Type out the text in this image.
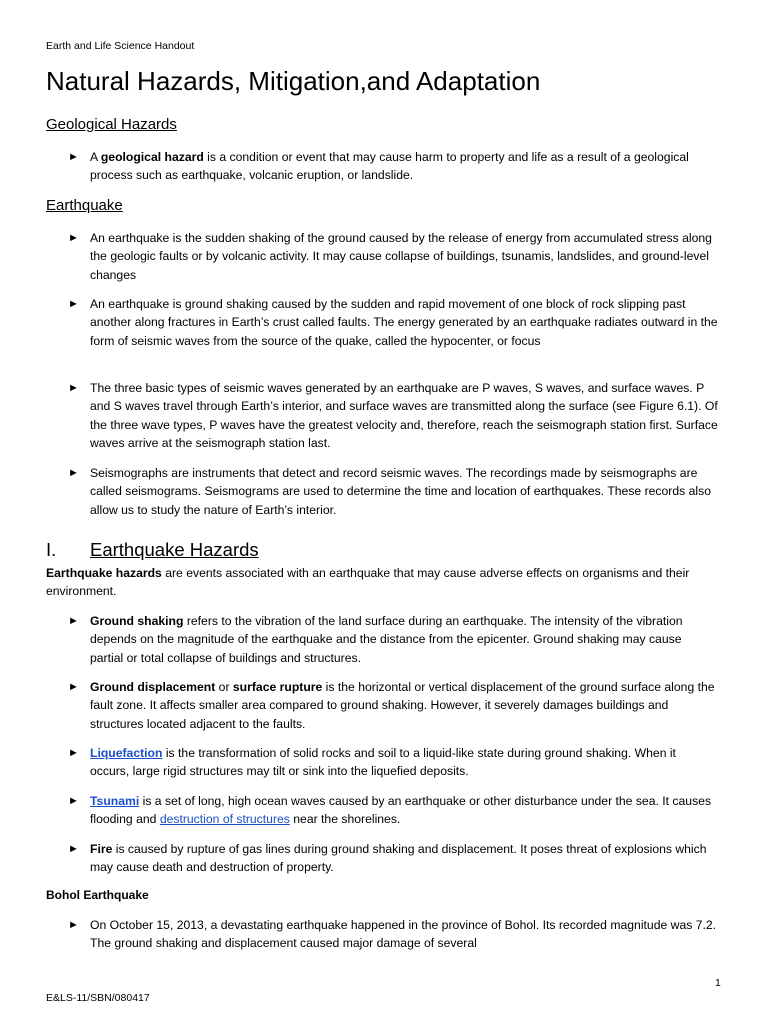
Earth and Life Science Handout
Natural Hazards, Mitigation,and Adaptation
Geological Hazards
► A geological hazard is a condition or event that may cause harm to property and life as a result of a geological process such as earthquake, volcanic eruption, or landslide.
Earthquake
► An earthquake is the sudden shaking of the ground caused by the release of energy from accumulated stress along the geologic faults or by volcanic activity. It may cause collapse of buildings, tsunamis, landslides, and ground-level changes
► An earthquake is ground shaking caused by the sudden and rapid movement of one block of rock slipping past another along fractures in Earth’s crust called faults. The energy generated by an earthquake radiates outward in the form of seismic waves from the source of the quake, called the hypocenter, or focus
► The three basic types of seismic waves generated by an earthquake are P waves, S waves, and surface waves. P and S waves travel through Earth’s interior, and surface waves are transmitted along the surface (see Figure 6.1). Of the three wave types, P waves have the greatest velocity and, therefore, reach the seismograph station first. Surface waves arrive at the seismograph station last.
► Seismographs are instruments that detect and record seismic waves. The recordings made by seismographs are called seismograms. Seismograms are used to determine the time and location of earthquakes. These records also allow us to study the nature of Earth’s interior.
I. Earthquake Hazards
Earthquake hazards are events associated with an earthquake that may cause adverse effects on organisms and their environment.
► Ground shaking refers to the vibration of the land surface during an earthquake. The intensity of the vibration depends on the magnitude of the earthquake and the distance from the epicenter. Ground shaking may cause partial or total collapse of buildings and structures.
► Ground displacement or surface rupture is the horizontal or vertical displacement of the ground surface along the fault zone. It affects smaller area compared to ground shaking. However, it severely damages buildings and structures located adjacent to the faults.
► Liquefaction is the transformation of solid rocks and soil to a liquid-like state during ground shaking. When it occurs, large rigid structures may tilt or sink into the liquefied deposits.
► Tsunami is a set of long, high ocean waves caused by an earthquake or other disturbance under the sea. It causes flooding and destruction of structures near the shorelines.
► Fire is caused by rupture of gas lines during ground shaking and displacement. It poses threat of explosions which may cause death and destruction of property.
Bohol Earthquake
► On October 15, 2013, a devastating earthquake happened in the province of Bohol. Its recorded magnitude was 7.2. The ground shaking and displacement caused major damage of several
1
E&LS-11/SBN/080417
